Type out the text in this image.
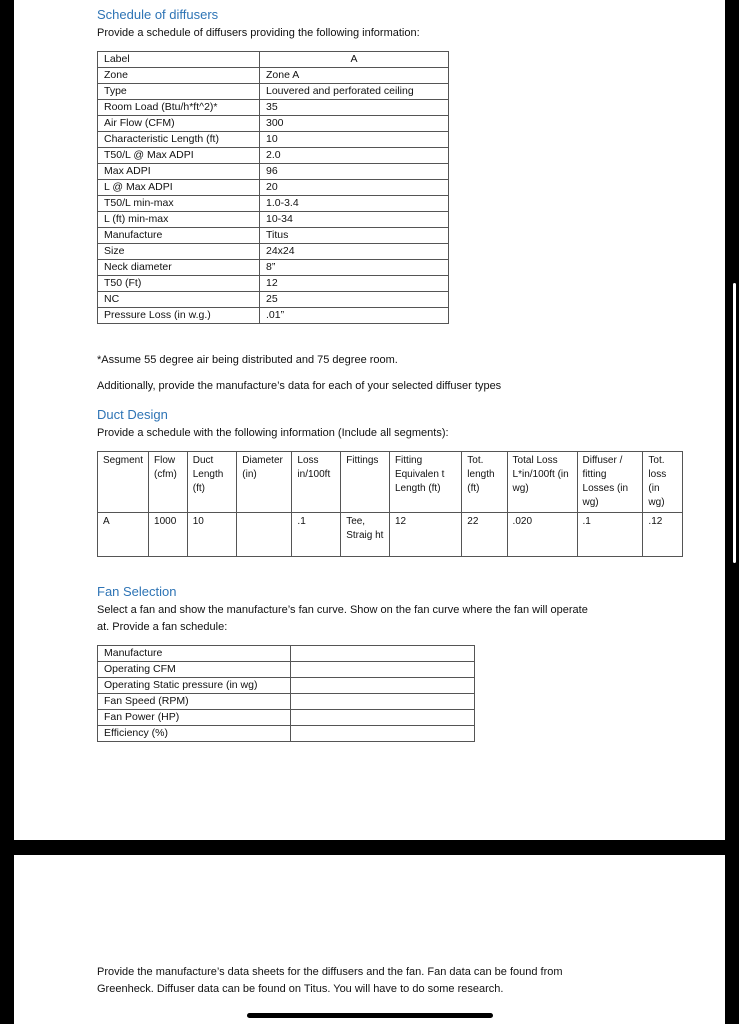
Schedule of diffusers
Provide a schedule of diffusers providing the following information:
Label	A
Zone	Zone A
Type	Louvered and perforated ceiling
Room Load (Btu/h*ft^2)*	35
Air Flow (CFM)	300
Characteristic Length (ft)	10
T50/L @ Max ADPI	2.0
Max ADPI	96
L @ Max ADPI	20
T50/L min-max	1.0-3.4
L (ft) min-max	10-34
Manufacture	Titus
Size	24x24
Neck diameter	8”
T50 (Ft)	12
NC	25
Pressure Loss (in w.g.)	.01”
*Assume 55 degree air being distributed and 75 degree room.
Additionally, provide the manufacture’s data for each of your selected diffuser types
Duct Design
Provide a schedule with the following information (Include all segments):
Segment	Flow (cfm)	Duct Length (ft)	Diameter (in)	Loss in/100ft	Fittings	Fitting Equivalen t Length (ft)	Tot. length (ft)	Total Loss L*in/100ft (in wg)	Diffuser / fitting Losses (in wg)	Tot. loss (in wg)
A	1000	10		.1	Tee, Straig ht	12	22	.020	.1	.12
Fan Selection
Select a fan and show the manufacture’s fan curve. Show on the fan curve where the fan will operate
at. Provide a fan schedule:
Manufacture	
Operating CFM	
Operating Static pressure (in wg)	
Fan Speed (RPM)	
Fan Power (HP)	
Efficiency (%)	
Provide the manufacture’s data sheets for the diffusers and the fan. Fan data can be found from
Greenheck. Diffuser data can be found on Titus. You will have to do some research.
